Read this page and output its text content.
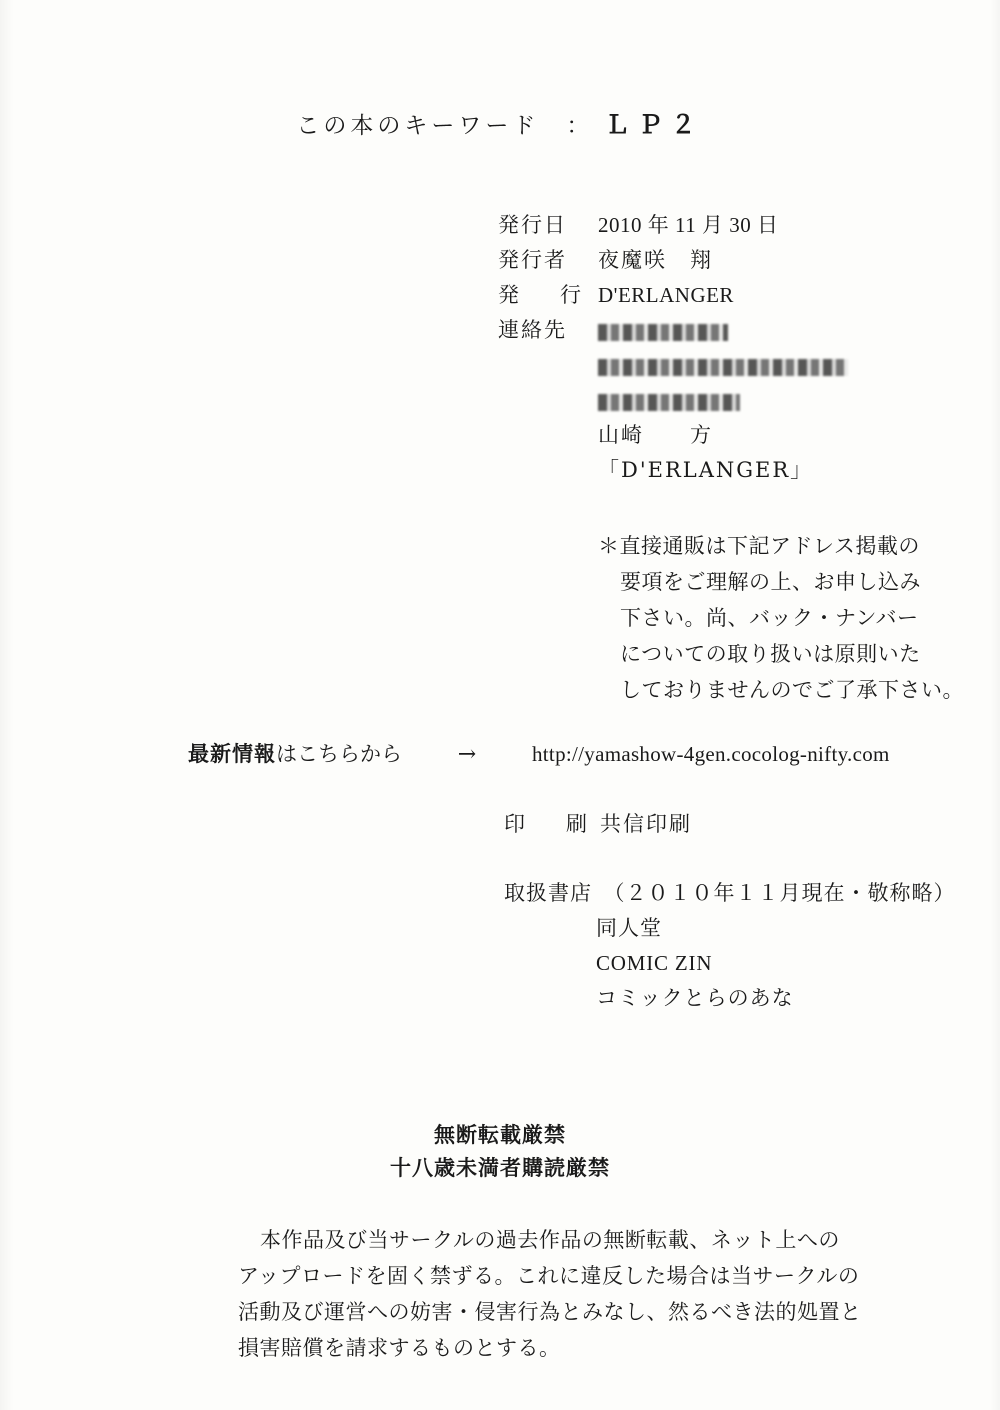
この本のキーワード　： ＬＰ２
発行日	2010 年 11 月 30 日
発行者	夜魔咲　翔
発　行 D'ERLANGER
連絡先
山崎　　方
「D'ERLANGER」
＊直接通販は下記アドレス掲載の
要項をご理解の上、お申し込み
下さい。尚、バック・ナンバー
についての取り扱いは原則いた
しておりませんのでご了承下さい。
最新情報 はこちらから	→	http://yamashow-4gen.cocolog-nifty.com
印　刷 共信印刷
取扱書店　（２０１０年１１月現在・敬称略）
同人堂
COMIC ZIN
コミックとらのあな
無断転載厳禁
十八歳未満者購読厳禁
本作品及び当サークルの過去作品の無断転載、ネット上への
アップロードを固く禁ずる。これに違反した場合は当サークルの
活動及び運営への妨害・侵害行為とみなし、然るべき法的処置と
損害賠償を請求するものとする。
